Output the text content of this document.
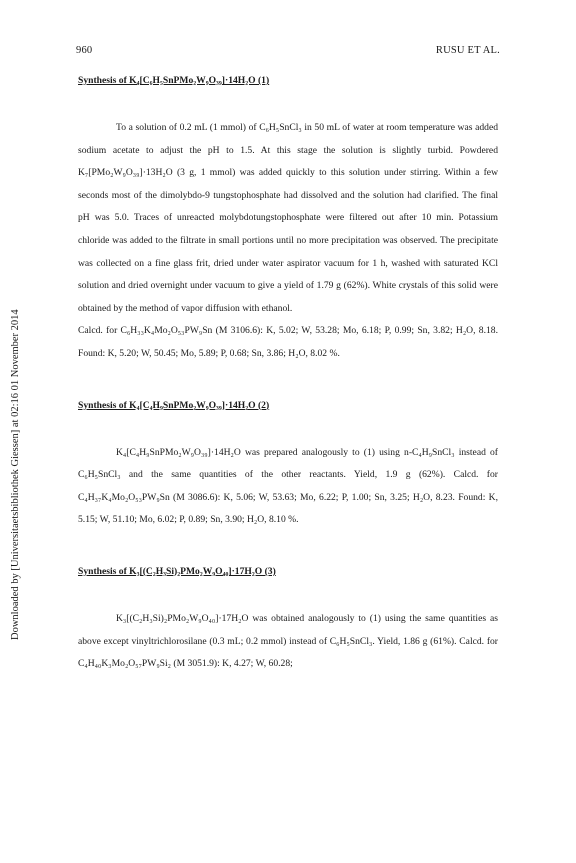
960	RUSU ET AL.
Downloaded by [Universitaetsbibliothek Giessen] at 02:16 01 November 2014

Synthesis of K₄[C₆H₅SnPMo₂W₉O₃₉]·14H₂O (1)

To a solution of 0.2 mL (1 mmol) of C₆H₅SnCl₃ in 50 mL of water at room temperature was added sodium acetate to adjust the pH to 1.5. At this stage the solution is slightly turbid. Powdered K₇[PMo₂W₉O₃₉]·13H₂O (3 g, 1 mmol) was added quickly to this solution under stirring. Within a few seconds most of the dimolybdo-9 tungstophosphate had dissolved and the solution had clarified. The final pH was 5.0. Traces of unreacted molybdotungstophosphate were filtered out after 10 min. Potassium chloride was added to the filtrate in small portions until no more precipitation was observed. The precipitate was collected on a fine glass frit, dried under water aspirator vacuum for 1 h, washed with saturated KCl solution and dried overnight under vacuum to give a yield of 1.79 g (62%). White crystals of this solid were obtained by the method of vapor diffusion with ethanol.

Calcd. for C₆H₃₃K₄Mo₂O₅₃PW₉Sn (M 3106.6): K, 5.02; W, 53.28; Mo, 6.18; P, 0.99; Sn, 3.82; H₂O, 8.18. Found: K, 5.20; W, 50.45; Mo, 5.89; P, 0.68; Sn, 3.86; H₂O, 8.02 %.

Synthesis of K₄[C₄H₉SnPMo₂W₉O₃₉]·14H₂O (2)

K₄[C₄H₉SnPMo₂W₉O₃₉]·14H₂O was prepared analogously to (1) using n-C₄H₉SnCl₃ instead of C₆H₅SnCl₃ and the same quantities of the other reactants. Yield, 1.9 g (62%). Calcd. for C₄H₃₇K₄Mo₂O₅₃PW₉Sn (M 3086.6): K, 5.06; W, 53.63; Mo, 6.22; P, 1.00; Sn, 3.25; H₂O, 8.23. Found: K, 5.15; W, 51.10; Mo, 6.02; P, 0.89; Sn, 3.90; H₂O, 8.10 %.

Synthesis of K₃[(C₂H₃Si)₂PMo₂W₉O₄₀]·17H₂O (3)

K₃[(C₂H₃Si)₂PMo₂W₉O₄₀]·17H₂O was obtained analogously to (1) using the same quantities as above except vinyltrichlorosilane (0.3 mL; 0.2 mmol) instead of C₆H₅SnCl₃. Yield, 1.86 g (61%). Calcd. for C₄H₄₀K₃Mo₂O₅₇PW₉Si₂ (M 3051.9): K, 4.27; W, 60.28;
